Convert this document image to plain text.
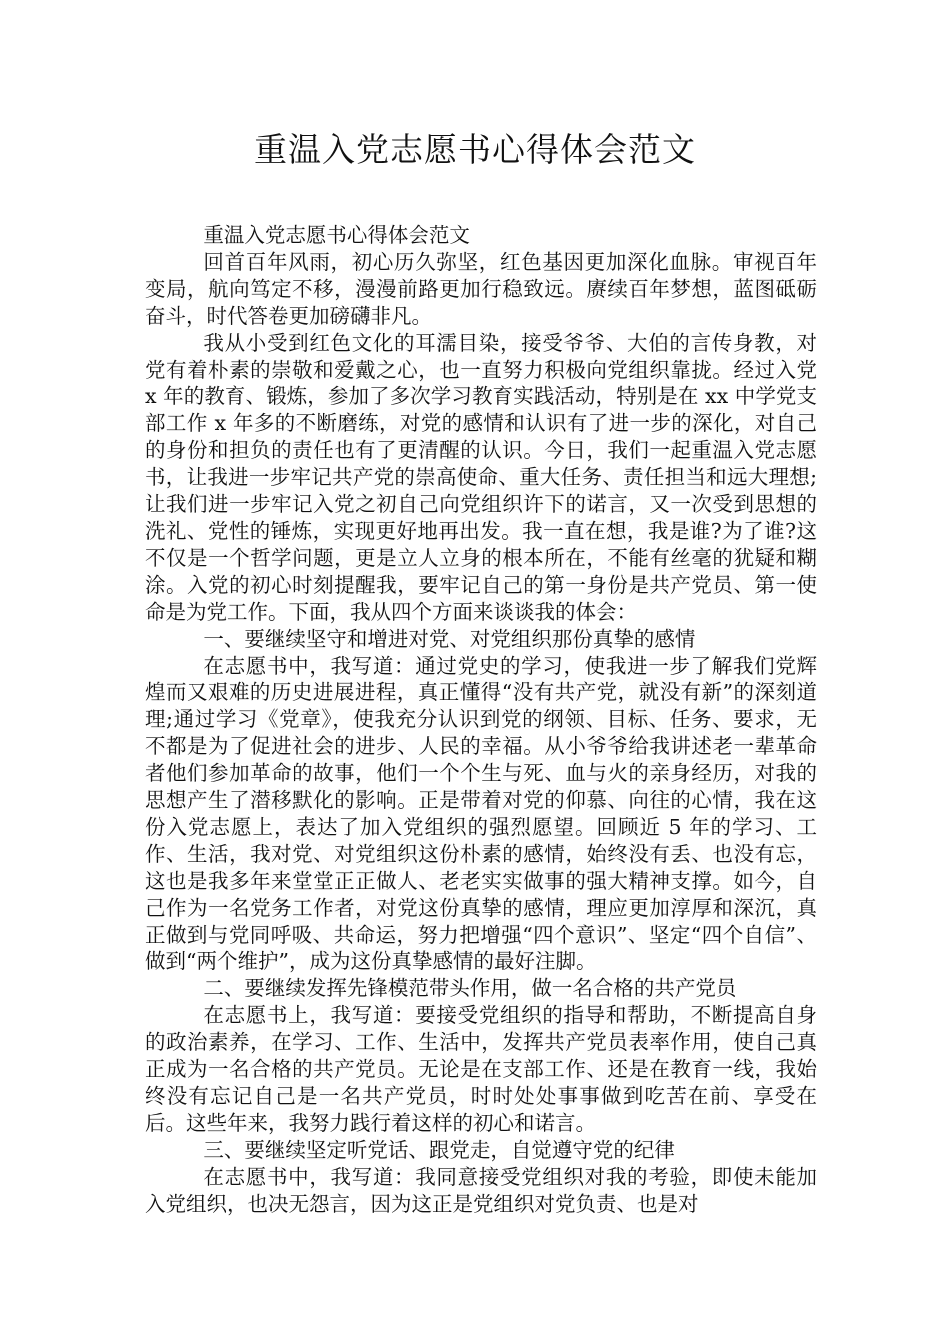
重温入党志愿书心得体会范文

重温入党志愿书心得体会范文

回首百年风雨，初心历久弥坚，红色基因更加深化血脉。审视百年变局，航向笃定不移，漫漫前路更加行稳致远。赓续百年梦想，蓝图砥砺奋斗，时代答卷更加磅礴非凡。

我从小受到红色文化的耳濡目染，接受爷爷、大伯的言传身教，对党有着朴素的崇敬和爱戴之心，也一直努力积极向党组织靠拢。经过入党 x 年的教育、锻炼，参加了多次学习教育实践活动，特别是在 xx 中学党支部工作 x 年多的不断磨练，对党的感情和认识有了进一步的深化，对自己的身份和担负的责任也有了更清醒的认识。今日，我们一起重温入党志愿书，让我进一步牢记共产党的崇高使命、重大任务、责任担当和远大理想;让我们进一步牢记入党之初自己向党组织许下的诺言，又一次受到思想的洗礼、党性的锤炼，实现更好地再出发。我一直在想，我是谁?为了谁?这不仅是一个哲学问题，更是立人立身的根本所在，不能有丝毫的犹疑和糊涂。入党的初心时刻提醒我，要牢记自己的第一身份是共产党员、第一使命是为党工作。下面，我从四个方面来谈谈我的体会：

一、要继续坚守和增进对党、对党组织那份真挚的感情

在志愿书中，我写道：通过党史的学习，使我进一步了解我们党辉煌而又艰难的历史进展进程，真正懂得“没有共产党，就没有新”的深刻道理;通过学习《党章》，使我充分认识到党的纲领、目标、任务、要求，无不都是为了促进社会的进步、人民的幸福。从小爷爷给我讲述老一辈革命者他们参加革命的故事，他们一个个生与死、血与火的亲身经历，对我的思想产生了潜移默化的影响。正是带着对党的仰慕、向往的心情，我在这份入党志愿上，表达了加入党组织的强烈愿望。回顾近 5 年的学习、工作、生活，我对党、对党组织这份朴素的感情，始终没有丢、也没有忘，这也是我多年来堂堂正正做人、老老实实做事的强大精神支撑。如今，自己作为一名党务工作者，对党这份真挚的感情，理应更加淳厚和深沉，真正做到与党同呼吸、共命运，努力把增强“四个意识”、坚定“四个自信”、做到“两个维护”，成为这份真挚感情的最好注脚。

二、要继续发挥先锋模范带头作用，做一名合格的共产党员

在志愿书上，我写道：要接受党组织的指导和帮助，不断提高自身的政治素养，在学习、工作、生活中，发挥共产党员表率作用，使自己真正成为一名合格的共产党员。无论是在支部工作、还是在教育一线，我始终没有忘记自己是一名共产党员，时时处处事事做到吃苦在前、享受在后。这些年来，我努力践行着这样的初心和诺言。

三、要继续坚定听党话、跟党走，自觉遵守党的纪律

在志愿书中，我写道：我同意接受党组织对我的考验，即使未能加入党组织，也决无怨言，因为这正是党组织对党负责、也是对
